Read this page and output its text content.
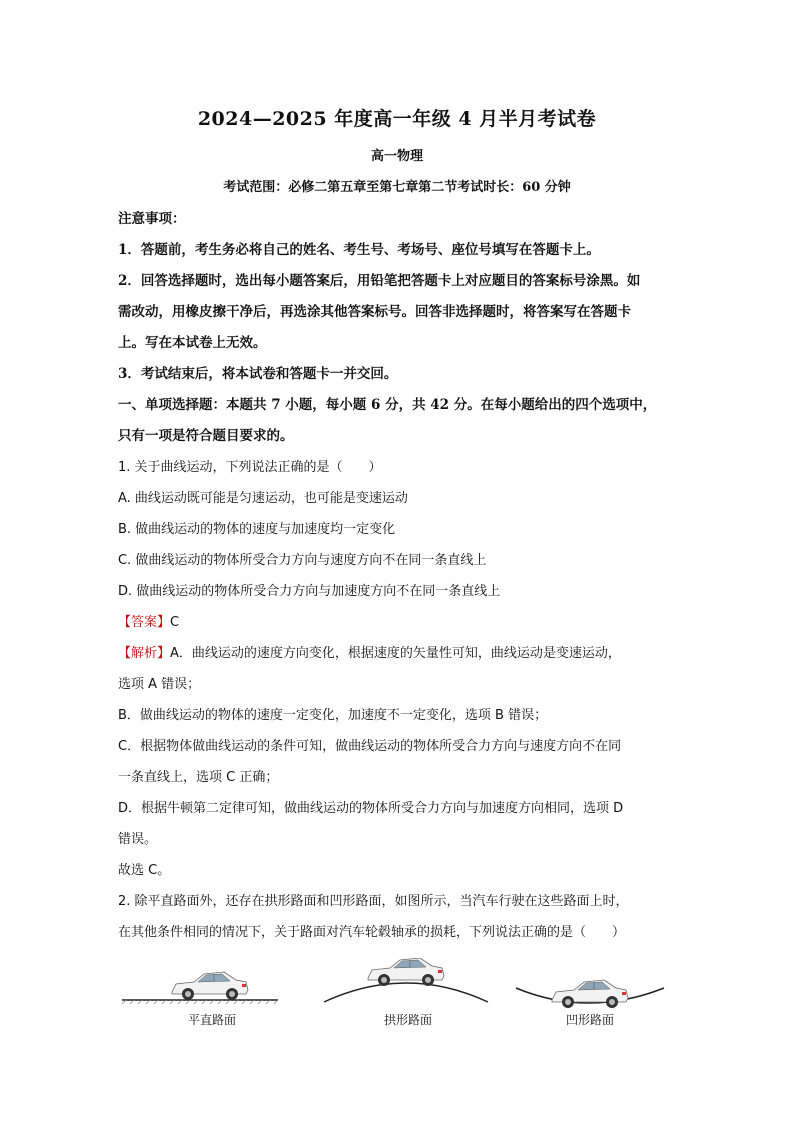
2024—2025 年度高一年级 4 月半月考试卷
高一物理
考试范围：必修二第五章至第七章第二节考试时长：60 分钟
注意事项：
1．答题前，考生务必将自己的姓名、考生号、考场号、座位号填写在答题卡上。
2．回答选择题时，选出每小题答案后，用铅笔把答题卡上对应题目的答案标号涂黑。如
需改动，用橡皮擦干净后，再选涂其他答案标号。回答非选择题时，将答案写在答题卡
上。写在本试卷上无效。
3．考试结束后，将本试卷和答题卡一并交回。
一、单项选择题：本题共 7 小题，每小题 6 分，共 42 分。在每小题给出的四个选项中，
只有一项是符合题目要求的。
1. 关于曲线运动，下列说法正确的是（　　）
A. 曲线运动既可能是匀速运动，也可能是变速运动
B. 做曲线运动的物体的速度与加速度均一定变化
C. 做曲线运动的物体所受合力方向与速度方向不在同一条直线上
D. 做曲线运动的物体所受合力方向与加速度方向不在同一条直线上
【答案】C
【解析】A．曲线运动的速度方向变化，根据速度的矢量性可知，曲线运动是变速运动，
选项 A 错误；
B．做曲线运动的物体的速度一定变化，加速度不一定变化，选项 B 错误；
C．根据物体做曲线运动的条件可知，做曲线运动的物体所受合力方向与速度方向不在同
一条直线上，选项 C 正确；
D．根据牛顿第二定律可知，做曲线运动的物体所受合力方向与加速度方向相同，选项 D
错误。
故选 C。
2. 除平直路面外，还存在拱形路面和凹形路面，如图所示，当汽车行驶在这些路面上时，
在其他条件相同的情况下，关于路面对汽车轮毂轴承的损耗，下列说法正确的是（　　）
平直路面	拱形路面	凹形路面
